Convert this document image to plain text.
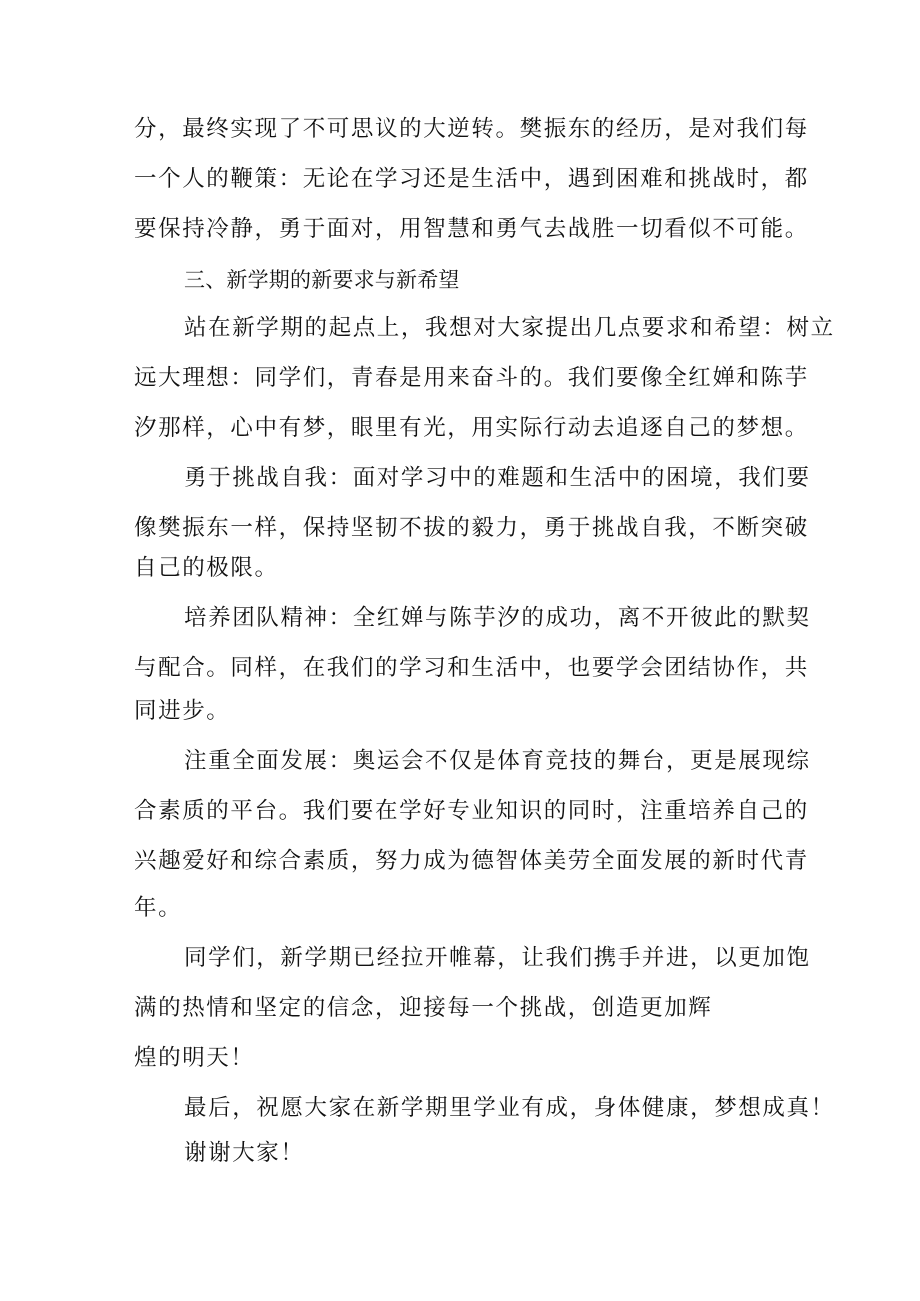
分，最终实现了不可思议的大逆转。樊振东的经历，是对我们每
一个人的鞭策：无论在学习还是生活中，遇到困难和挑战时，都
要保持冷静，勇于面对，用智慧和勇气去战胜一切看似不可能。
三、新学期的新要求与新希望
站在新学期的起点上，我想对大家提出几点要求和希望：树立
远大理想：同学们，青春是用来奋斗的。我们要像全红婵和陈芋
汐那样，心中有梦，眼里有光，用实际行动去追逐自己的梦想。
勇于挑战自我：面对学习中的难题和生活中的困境，我们要
像樊振东一样，保持坚韧不拔的毅力，勇于挑战自我，不断突破
自己的极限。
培养团队精神：全红婵与陈芋汐的成功，离不开彼此的默契
与配合。同样，在我们的学习和生活中，也要学会团结协作，共
同进步。
注重全面发展：奥运会不仅是体育竞技的舞台，更是展现综
合素质的平台。我们要在学好专业知识的同时，注重培养自己的
兴趣爱好和综合素质，努力成为德智体美劳全面发展的新时代青
年。
同学们，新学期已经拉开帷幕，让我们携手并进，以更加饱
满的热情和坚定的信念，迎接每一个挑战，创造更加辉
煌的明天！
最后，祝愿大家在新学期里学业有成，身体健康，梦想成真！
谢谢大家！
